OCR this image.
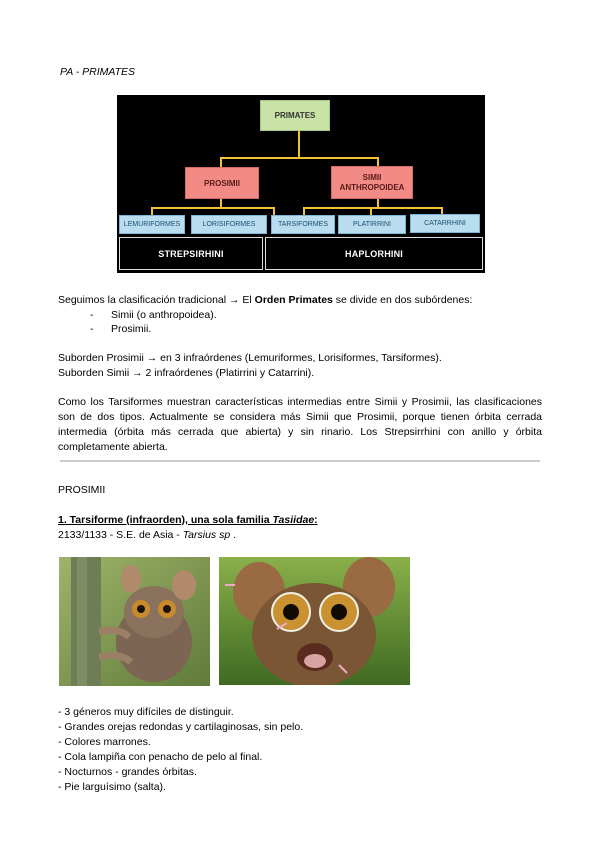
PA - PRIMATES
PRIMATES
PROSIMII
SIMII
ANTHROPOIDEA
LEMURIFORMES	LORISIFORMES	TARSIFORMES	PLATIRRINI	CATARRHINI
STREPSIRHINI	HAPLORHINI
Seguimos la clasificación tradicional → El Orden Primates se divide en dos subórdenes:
-      Simii (o anthropoidea).
-      Prosimii.
Suborden Prosimii → en 3 infraórdenes (Lemuriformes, Lorisiformes, Tarsiformes).
Suborden Simii → 2 infraórdenes (Platirrini y Catarrini).
Como los Tarsiformes muestran características intermedias entre Simii y Prosimii, las clasificaciones son de dos tipos. Actualmente se considera más Simii que Prosimii, porque tienen órbita cerrada intermedia (órbita más cerrada que abierta) y sin rinario. Los Strepsirrhini con anillo y órbita completamente abierta.
PROSIMII
1. Tarsiforme (infraorden), una sola familia Tasiidae:
2133/1133 - S.E. de Asia - Tarsius sp .
- 3 géneros muy difíciles de distinguir.
- Grandes orejas redondas y cartilaginosas, sin pelo.
- Colores marrones.
- Cola lampiña con penacho de pelo al final.
- Nocturnos - grandes órbitas.
- Pie larguísimo (salta).
